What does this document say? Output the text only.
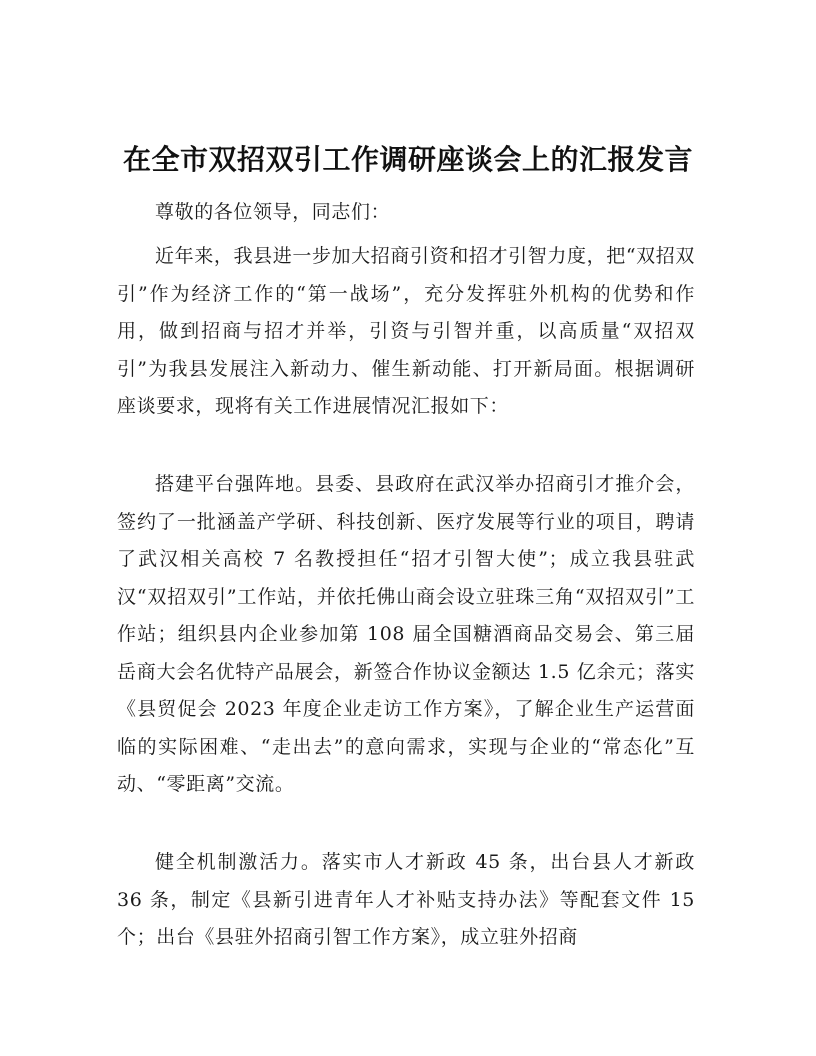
在全市双招双引工作调研座谈会上的汇报发言

尊敬的各位领导，同志们：

近年来，我县进一步加大招商引资和招才引智力度，把“双招双引”作为经济工作的“第一战场”，充分发挥驻外机构的优势和作用，做到招商与招才并举，引资与引智并重，以高质量“双招双引”为我县发展注入新动力、催生新动能、打开新局面。根据调研座谈要求，现将有关工作进展情况汇报如下：

搭建平台强阵地。县委、县政府在武汉举办招商引才推介会，签约了一批涵盖产学研、科技创新、医疗发展等行业的项目，聘请了武汉相关高校 7 名教授担任“招才引智大使”；成立我县驻武汉“双招双引”工作站，并依托佛山商会设立驻珠三角“双招双引”工作站；组织县内企业参加第 108 届全国糖酒商品交易会、第三届岳商大会名优特产品展会，新签合作协议金额达 1.5 亿余元；落实《县贸促会 2023 年度企业走访工作方案》，了解企业生产运营面临的实际困难、“走出去”的意向需求，实现与企业的“常态化”互动、“零距离”交流。

健全机制激活力。落实市人才新政 45 条，出台县人才新政 36 条，制定《县新引进青年人才补贴支持办法》等配套文件 15 个；出台《县驻外招商引智工作方案》，成立驻外招商
